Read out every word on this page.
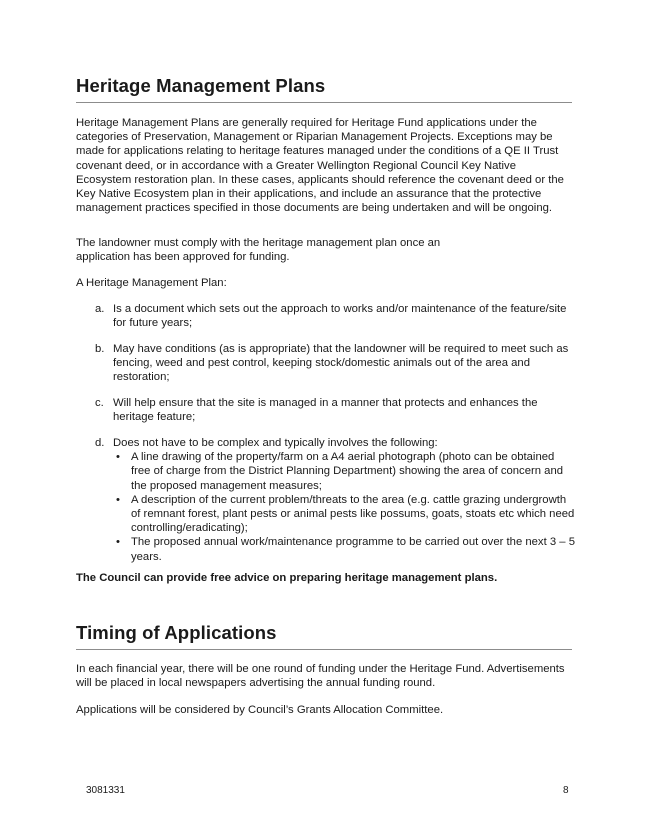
Heritage Management Plans

Heritage Management Plans are generally required for Heritage Fund applications under the categories of Preservation, Management or Riparian Management Projects. Exceptions may be made for applications relating to heritage features managed under the conditions of a QE II Trust covenant deed, or in accordance with a Greater Wellington Regional Council Key Native Ecosystem restoration plan. In these cases, applicants should reference the covenant deed or the Key Native Ecosystem plan in their applications, and include an assurance that the protective management practices specified in those documents are being undertaken and will be ongoing.

The landowner must comply with the heritage management plan once an application has been approved for funding.

A Heritage Management Plan:

a. Is a document which sets out the approach to works and/or maintenance of the feature/site for future years;
b. May have conditions (as is appropriate) that the landowner will be required to meet such as fencing, weed and pest control, keeping stock/domestic animals out of the area and restoration;
c. Will help ensure that the site is managed in a manner that protects and enhances the heritage feature;
d. Does not have to be complex and typically involves the following:
• A line drawing of the property/farm on a A4 aerial photograph (photo can be obtained free of charge from the District Planning Department) showing the area of concern and the proposed management measures;
• A description of the current problem/threats to the area (e.g. cattle grazing undergrowth of remnant forest, plant pests or animal pests like possums, goats, stoats etc which need controlling/eradicating);
• The proposed annual work/maintenance programme to be carried out over the next 3 – 5 years.

The Council can provide free advice on preparing heritage management plans.

Timing of Applications

In each financial year, there will be one round of funding under the Heritage Fund. Advertisements will be placed in local newspapers advertising the annual funding round.

Applications will be considered by Council’s Grants Allocation Committee.

3081331	8
